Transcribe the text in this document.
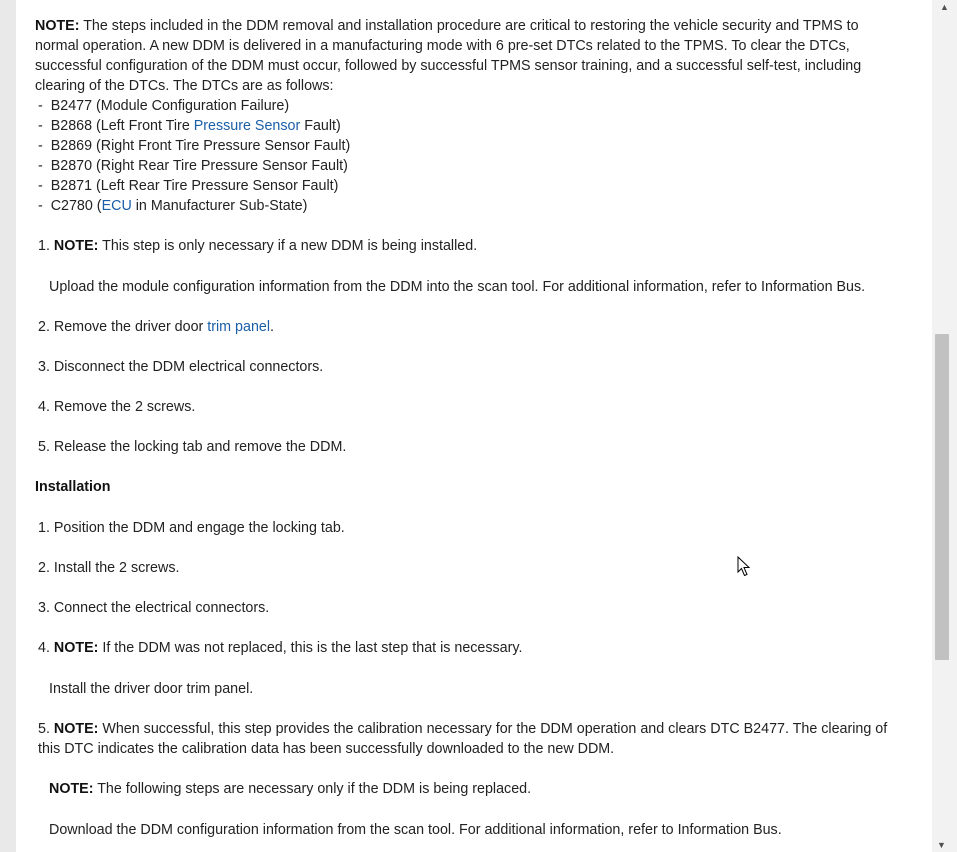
NOTE: The steps included in the DDM removal and installation procedure are critical to restoring the vehicle security and TPMS to normal operation. A new DDM is delivered in a manufacturing mode with 6 pre-set DTCs related to the TPMS. To clear the DTCs, successful configuration of the DDM must occur, followed by successful TPMS sensor training, and a successful self-test, including clearing of the DTCs. The DTCs are as follows:

-  B2477 (Module Configuration Failure)

-  B2868 (Left Front Tire Pressure Sensor Fault)

-  B2869 (Right Front Tire Pressure Sensor Fault)

-  B2870 (Right Rear Tire Pressure Sensor Fault)

-  B2871 (Left Rear Tire Pressure Sensor Fault)

-  C2780 (ECU in Manufacturer Sub-State)

1. NOTE: This step is only necessary if a new DDM is being installed.

Upload the module configuration information from the DDM into the scan tool. For additional information, refer to Information Bus.

2. Remove the driver door trim panel.

3. Disconnect the DDM electrical connectors.

4. Remove the 2 screws.

5. Release the locking tab and remove the DDM.

Installation

1. Position the DDM and engage the locking tab.

2. Install the 2 screws.

3. Connect the electrical connectors.

4. NOTE: If the DDM was not replaced, this is the last step that is necessary.

Install the driver door trim panel.

5. NOTE: When successful, this step provides the calibration necessary for the DDM operation and clears DTC B2477. The clearing of this DTC indicates the calibration data has been successfully downloaded to the new DDM.

NOTE: The following steps are necessary only if the DDM is being replaced.

Download the DDM configuration information from the scan tool. For additional information, refer to Information Bus.

▲
▼
